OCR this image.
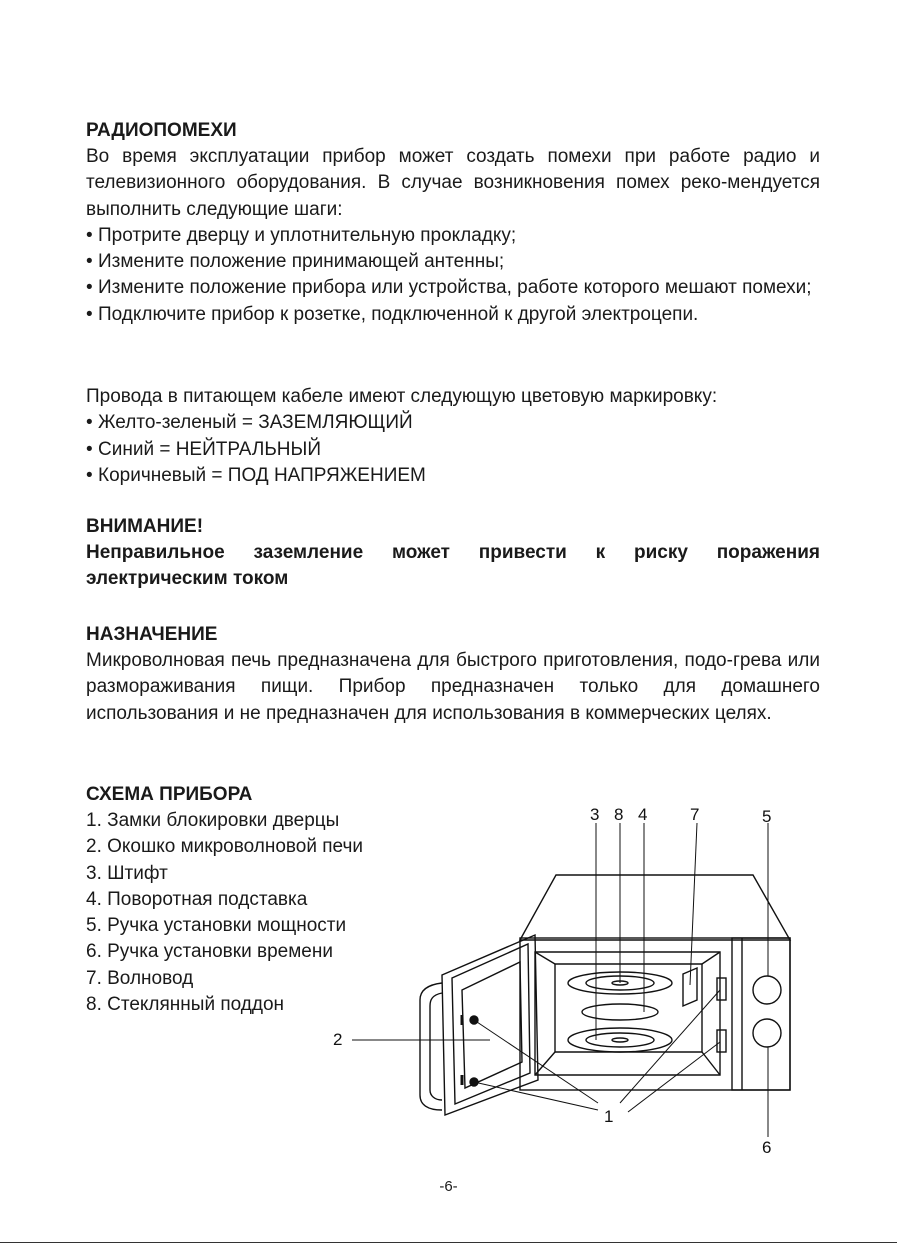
РАДИОПОМЕХИ

Во время эксплуатации прибор может создать помехи при работе радио и телевизионного оборудования. В случае возникновения помех реко-мендуется выполнить следующие шаги:

• Протрите дверцу и уплотнительную прокладку;
• Измените положение принимающей антенны;
• Измените положение прибора или устройства, работе которого мешают помехи;
• Подключите прибор к розетке, подключенной к другой электроцепи.

Провода в питающем кабеле имеют следующую цветовую маркировку:

• Желто-зеленый = ЗАЗЕМЛЯЮЩИЙ
• Синий = НЕЙТРАЛЬНЫЙ
• Коричневый = ПОД НАПРЯЖЕНИЕМ

ВНИМАНИЕ!

Неправильное заземление может привести к риску поражения электрическим током

НАЗНАЧЕНИЕ

Микроволновая печь предназначена для быстрого приготовления, подо-грева или размораживания пищи. Прибор предназначен только для домашнего использования и не предназначен для использования в коммерческих целях.

СХЕМА ПРИБОРА

1. Замки блокировки дверцы
2. Окошко микроволновой печи
3. Штифт
4. Поворотная подставка
5. Ручка установки мощности
6. Ручка установки времени
7. Волновод
8. Стеклянный поддон
3 8 4	7	5
2
1
6
-6-
